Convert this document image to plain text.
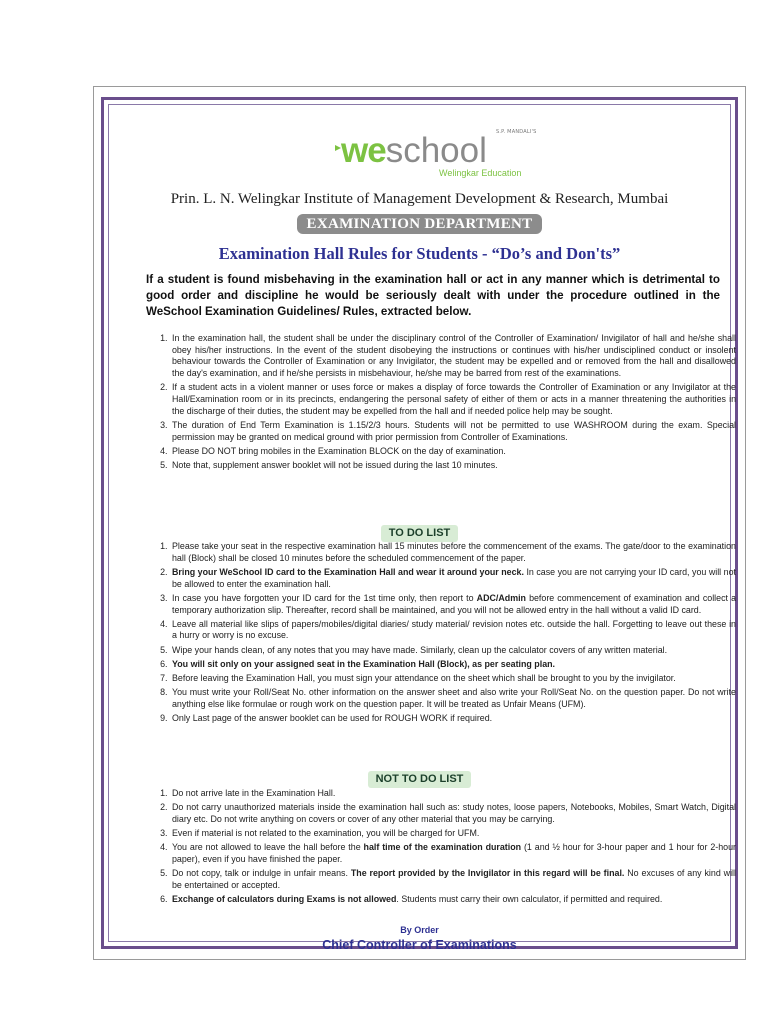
S.P. MANDALI'S
weschool
Welingkar Education
Prin. L. N. Welingkar Institute of Management Development & Research, Mumbai
EXAMINATION DEPARTMENT
Examination Hall Rules for Students - “Do’s and Don'ts”
If a student is found misbehaving in the examination hall or act in any manner which is detrimental to good order and discipline he would be seriously dealt with under the procedure outlined in the WeSchool Examination Guidelines/ Rules, extracted below.
1. In the examination hall, the student shall be under the disciplinary control of the Controller of Examination/ Invigilator of hall and he/she shall obey his/her instructions. In the event of the student disobeying the instructions or continues with his/her undisciplined conduct or insolent behaviour towards the Controller of Examination or any Invigilator, the student may be expelled and or removed from the hall and disallowed the day's examination, and if he/she persists in misbehaviour, he/she may be barred from rest of the examinations.
2. If a student acts in a violent manner or uses force or makes a display of force towards the Controller of Examination or any Invigilator at the Hall/Examination room or in its precincts, endangering the personal safety of either of them or acts in a manner threatening the authorities in the discharge of their duties, the student may be expelled from the hall and if needed police help may be sought.
3. The duration of End Term Examination is 1.15/2/3 hours. Students will not be permitted to use WASHROOM during the exam. Special permission may be granted on medical ground with prior permission from Controller of Examinations.
4. Please DO NOT bring mobiles in the Examination BLOCK on the day of examination.
5. Note that, supplement answer booklet will not be issued during the last 10 minutes.
TO DO LIST
1. Please take your seat in the respective examination hall 15 minutes before the commencement of the exams. The gate/door to the examination hall (Block) shall be closed 10 minutes before the scheduled commencement of the paper.
2. Bring your WeSchool ID card to the Examination Hall and wear it around your neck. In case you are not carrying your ID card, you will not be allowed to enter the examination hall.
3. In case you have forgotten your ID card for the 1st time only, then report to ADC/Admin before commencement of examination and collect a temporary authorization slip. Thereafter, record shall be maintained, and you will not be allowed entry in the hall without a valid ID card.
4. Leave all material like slips of papers/mobiles/digital diaries/ study material/ revision notes etc. outside the hall. Forgetting to leave out these in a hurry or worry is no excuse.
5. Wipe your hands clean, of any notes that you may have made. Similarly, clean up the calculator covers of any written material.
6. You will sit only on your assigned seat in the Examination Hall (Block), as per seating plan.
7. Before leaving the Examination Hall, you must sign your attendance on the sheet which shall be brought to you by the invigilator.
8. You must write your Roll/Seat No. other information on the answer sheet and also write your Roll/Seat No. on the question paper. Do not write anything else like formulae or rough work on the question paper. It will be treated as Unfair Means (UFM).
9. Only Last page of the answer booklet can be used for ROUGH WORK if required.
NOT TO DO LIST
1. Do not arrive late in the Examination Hall.
2. Do not carry unauthorized materials inside the examination hall such as: study notes, loose papers, Notebooks, Mobiles, Smart Watch, Digital diary etc. Do not write anything on covers or cover of any other material that you may be carrying.
3. Even if material is not related to the examination, you will be charged for UFM.
4. You are not allowed to leave the hall before the half time of the examination duration (1 and ½ hour for 3-hour paper and 1 hour for 2-hour paper), even if you have finished the paper.
5. Do not copy, talk or indulge in unfair means. The report provided by the Invigilator in this regard will be final. No excuses of any kind will be entertained or accepted.
6. Exchange of calculators during Exams is not allowed. Students must carry their own calculator, if permitted and required.
By Order
Chief Controller of Examinations
